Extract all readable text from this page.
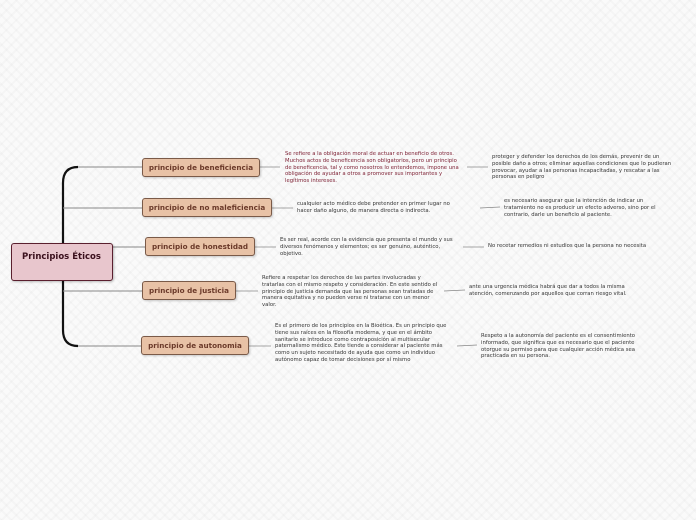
Principios Éticos
principio de beneficiencia
Se refiere a la obligación moral de actuar en beneficio de otros. Muchos actos de beneficencia son obligatorios, pero un principio de beneficencia, tal y como nosotros lo entendemos, impone una obligación de ayudar a otros a promover sus importantes y legítimos intereses.
proteger y defender los derechos de los demás, prevenir de un posible daño a otros; eliminar aquellas condiciones que lo pudieran provocar, ayudar a las personas incapacitadas, y rescatar a las personas en peligro
principio de no maleficiencia	cualquier acto médico debe pretender en primer lugar no hacer daño alguno, de manera directa o indirecta.
es necesario asegurar que la intención de indicar un tratamiento no es producir un efecto adverso, sino por el contrario, darle un beneficio al paciente.
principio de honestidad
Es ser real, acorde con la evidencia que presenta el mundo y sus diversos fenómenos y elementos; es ser genuino, auténtico, objetivo.
No recetar remedios ni estudios que la persona no necesita
principio de justicia
Refiere a respetar los derechos de las partes involucradas y tratarlas con el mismo respeto y consideración. En este sentido el principio de justicia demanda que las personas sean tratadas de manera equitativa y no pueden verse ni tratarse con un menor valor.
ante una urgencia médica habrá que dar a todos la misma atención, comenzando por aquellos que corran riesgo vital.
principio de autonomia
Es el primero de los principios en la Bioética. Es un principio que tiene sus raíces en la filosofía moderna, y que en el ámbito sanitario se introduce como contraposición al multisecular paternalismo médico. Este tiende a considerar al paciente más como un sujeto necesitado de ayuda que como un individuo autónomo capaz de tomar decisiones por sí mismo
Respeto a la autonomía del paciente es el consentimiento informado, que significa que es necesario que el paciente otorgue su permiso para que cualquier acción médica sea practicada en su persona.
